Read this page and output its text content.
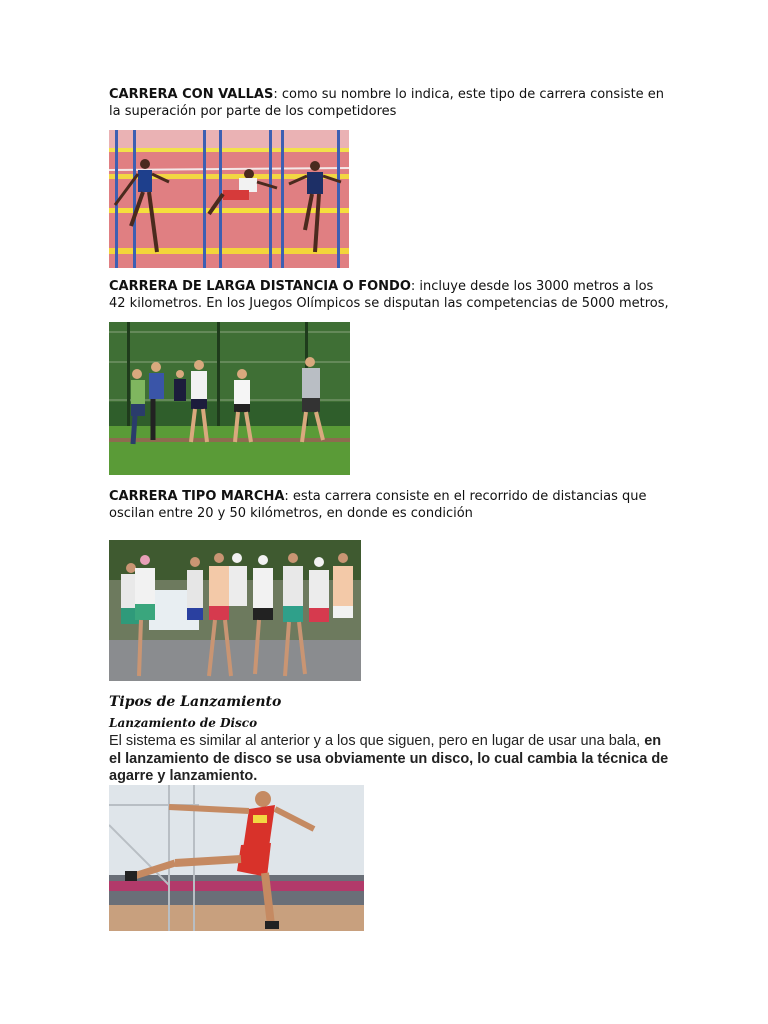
CARRERA CON VALLAS: como su nombre lo indica, este tipo de carrera consiste en
la superación por parte de los competidores
CARRERA DE LARGA DISTANCIA O FONDO: incluye desde los 3000 metros a los
42 kilometros. En los Juegos Olímpicos se disputan las competencias de 5000 metros,
CARRERA TIPO MARCHA: esta carrera consiste en el recorrido de distancias que
oscilan entre 20 y 50 kilómetros, en donde es condición
Tipos de Lanzamiento
Lanzamiento de Disco
El sistema es similar al anterior y a los que siguen, pero en lugar de usar una bala, en el lanzamiento de disco se usa obviamente un disco, lo cual cambia la técnica de agarre y lanzamiento.
